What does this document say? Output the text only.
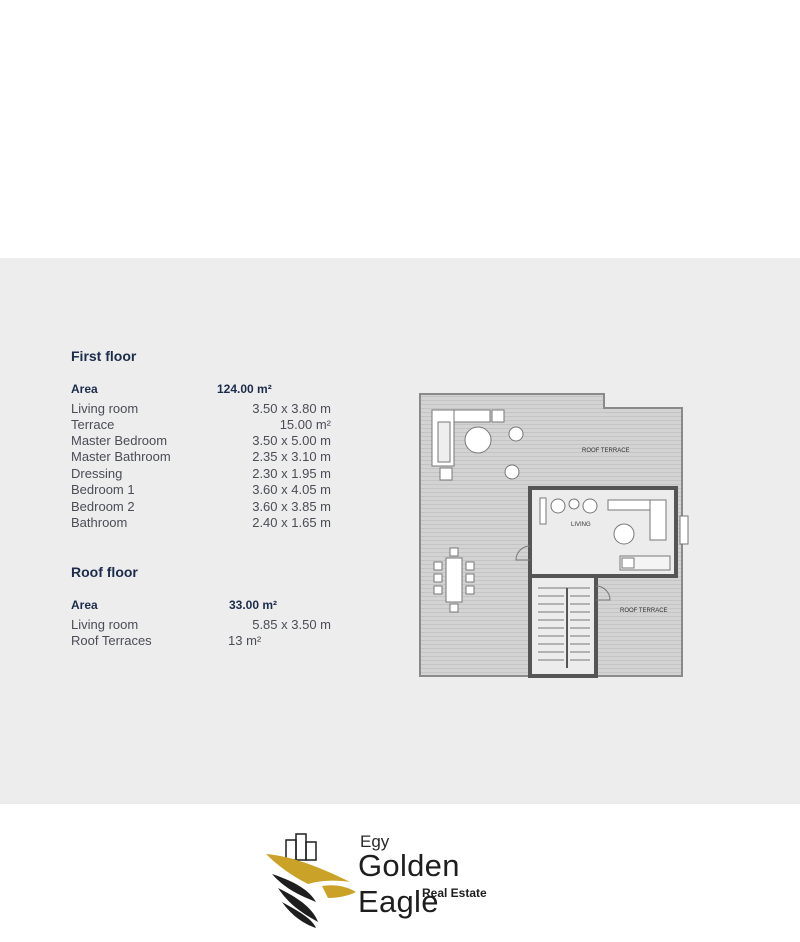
First floor
Area	124.00 m²
Living room	3.50 x 3.80 m
Terrace	15.00 m²
Master Bedroom	3.50 x 5.00 m
Master Bathroom	2.35 x 3.10 m
Dressing	2.30 x 1.95 m
Bedroom 1	3.60 x 4.05 m
Bedroom 2	3.60 x 3.85 m
Bathroom	2.40 x 1.65 m
Roof floor
Area	33.00 m²
Living room	5.85 x 3.50 m
Roof Terraces	13 m²
ROOF TERRACE
LIVING
ROOF TERRACE
Egy
Golden Eagle
Real Estate
